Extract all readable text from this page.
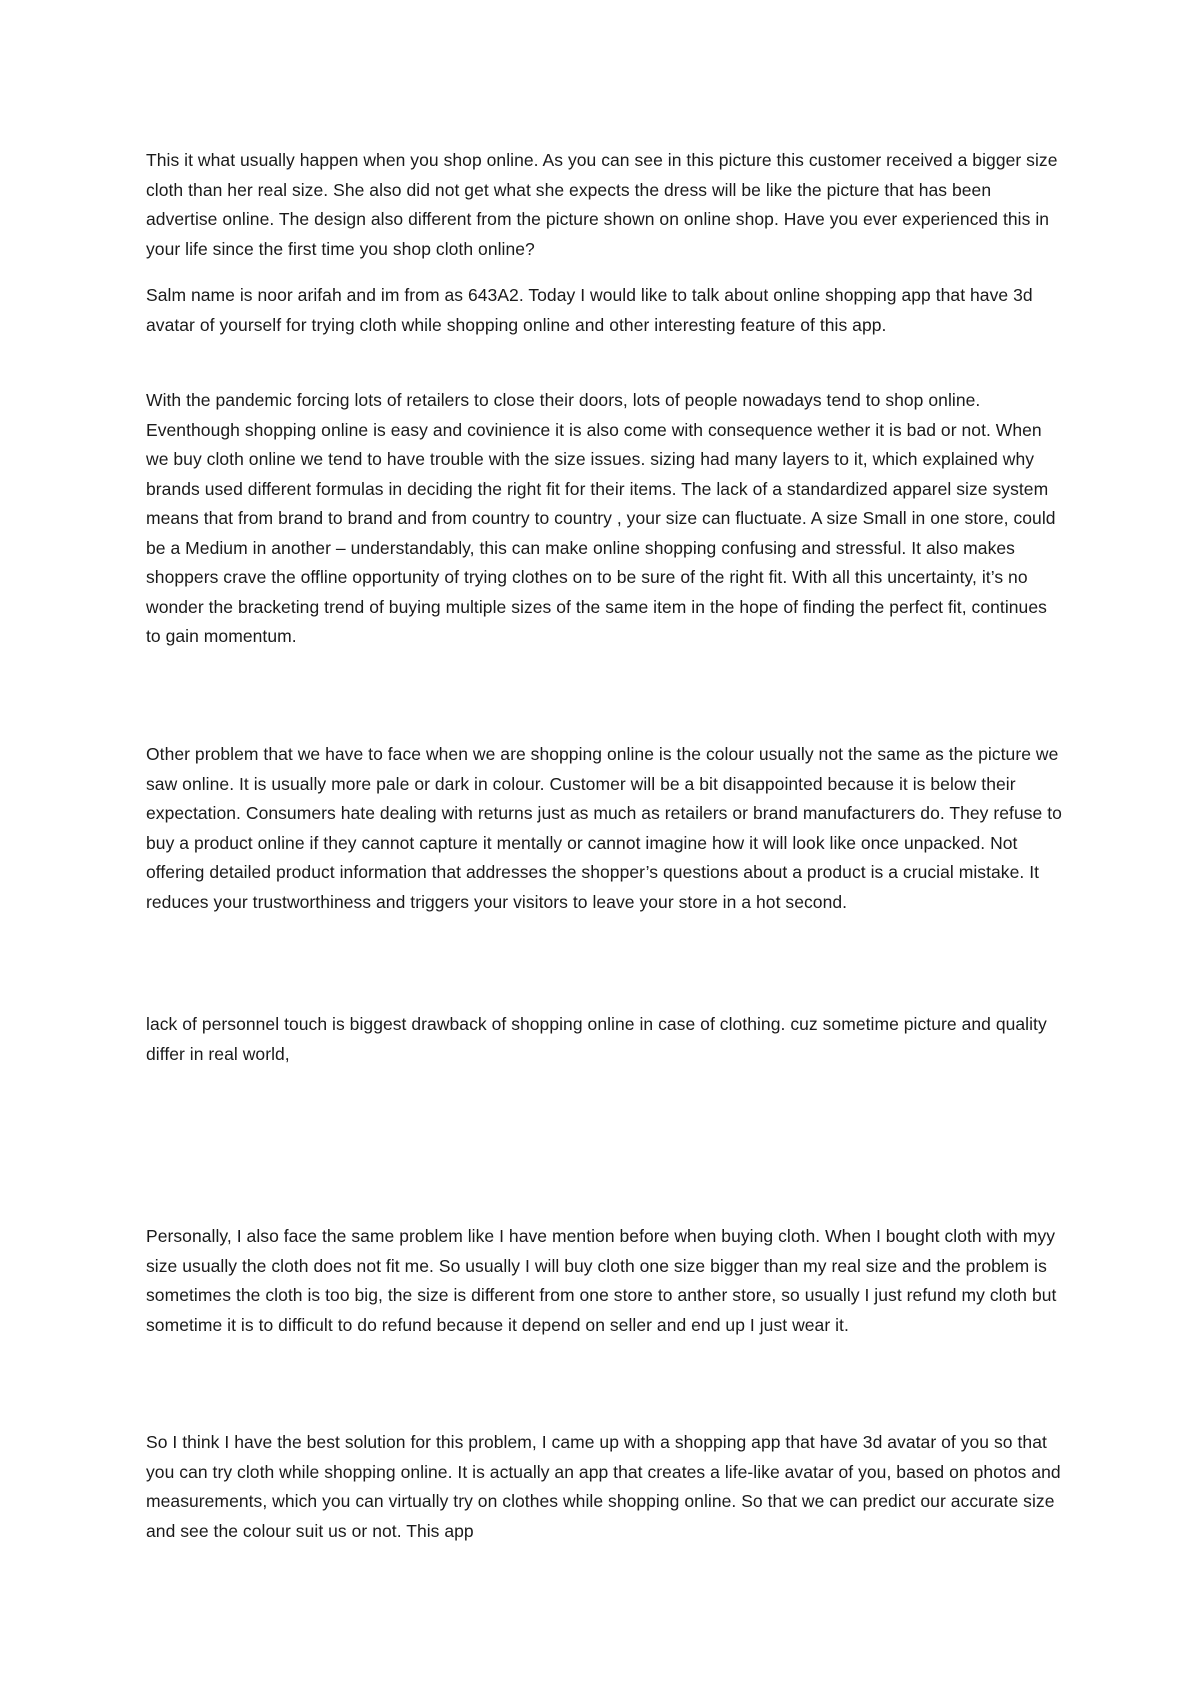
This it what usually happen when you shop online. As you can see in this picture this customer received a bigger size cloth than her real size. She also did not get what she expects the dress will be like the picture that has been advertise online. The design also different from the picture shown on online shop. Have you ever experienced this in your life since the first time you shop cloth online?

Salm name is noor arifah and im from as 643A2. Today I would like to talk about online shopping app that have 3d avatar of yourself for trying cloth while shopping online and other interesting feature of this app.

With the pandemic forcing lots of retailers to close their doors, lots of people nowadays tend to shop online. Eventhough shopping online is easy and covinience it is also come with consequence wether it is bad or not. When we buy cloth online we tend to have trouble with the size issues. sizing had many layers to it, which explained why brands used different formulas in deciding the right fit for their items. The lack of a standardized apparel size system means that from brand to brand and from country to country , your size can fluctuate. A size Small in one store, could be a Medium in another – understandably, this can make online shopping confusing and stressful. It also makes shoppers crave the offline opportunity of trying clothes on to be sure of the right fit. With all this uncertainty, it’s no wonder the bracketing trend of buying multiple sizes of the same item in the hope of finding the perfect fit, continues to gain momentum.

Other problem that we have to face when we are shopping online is the colour usually not the same as the picture we saw online. It is usually more pale or dark in colour. Customer will be a bit disappointed because it is below their expectation. Consumers hate dealing with returns just as much as retailers or brand manufacturers do. They refuse to buy a product online if they cannot capture it mentally or cannot imagine how it will look like once unpacked. Not offering detailed product information that addresses the shopper’s questions about a product is a crucial mistake. It reduces your trustworthiness and triggers your visitors to leave your store in a hot second.

lack of personnel touch is biggest drawback of shopping online in case of clothing. cuz sometime picture and quality differ in real world,

Personally, I also face the same problem like I have mention before when buying cloth. When I bought cloth with myy size usually the cloth does not fit me. So usually I will buy cloth one size bigger than my real size and the problem is sometimes the cloth is too big, the size is different from one store to anther store, so usually I just refund my cloth but sometime it is to difficult to do refund because it depend on seller and end up I just wear it.

So I think I have the best solution for this problem, I came up with a shopping app that have 3d avatar of you so that you can try cloth while shopping online. It is actually an app that creates a life-like avatar of you, based on photos and measurements, which you can virtually try on clothes while shopping online. So that we can predict our accurate size and see the colour suit us or not. This app
